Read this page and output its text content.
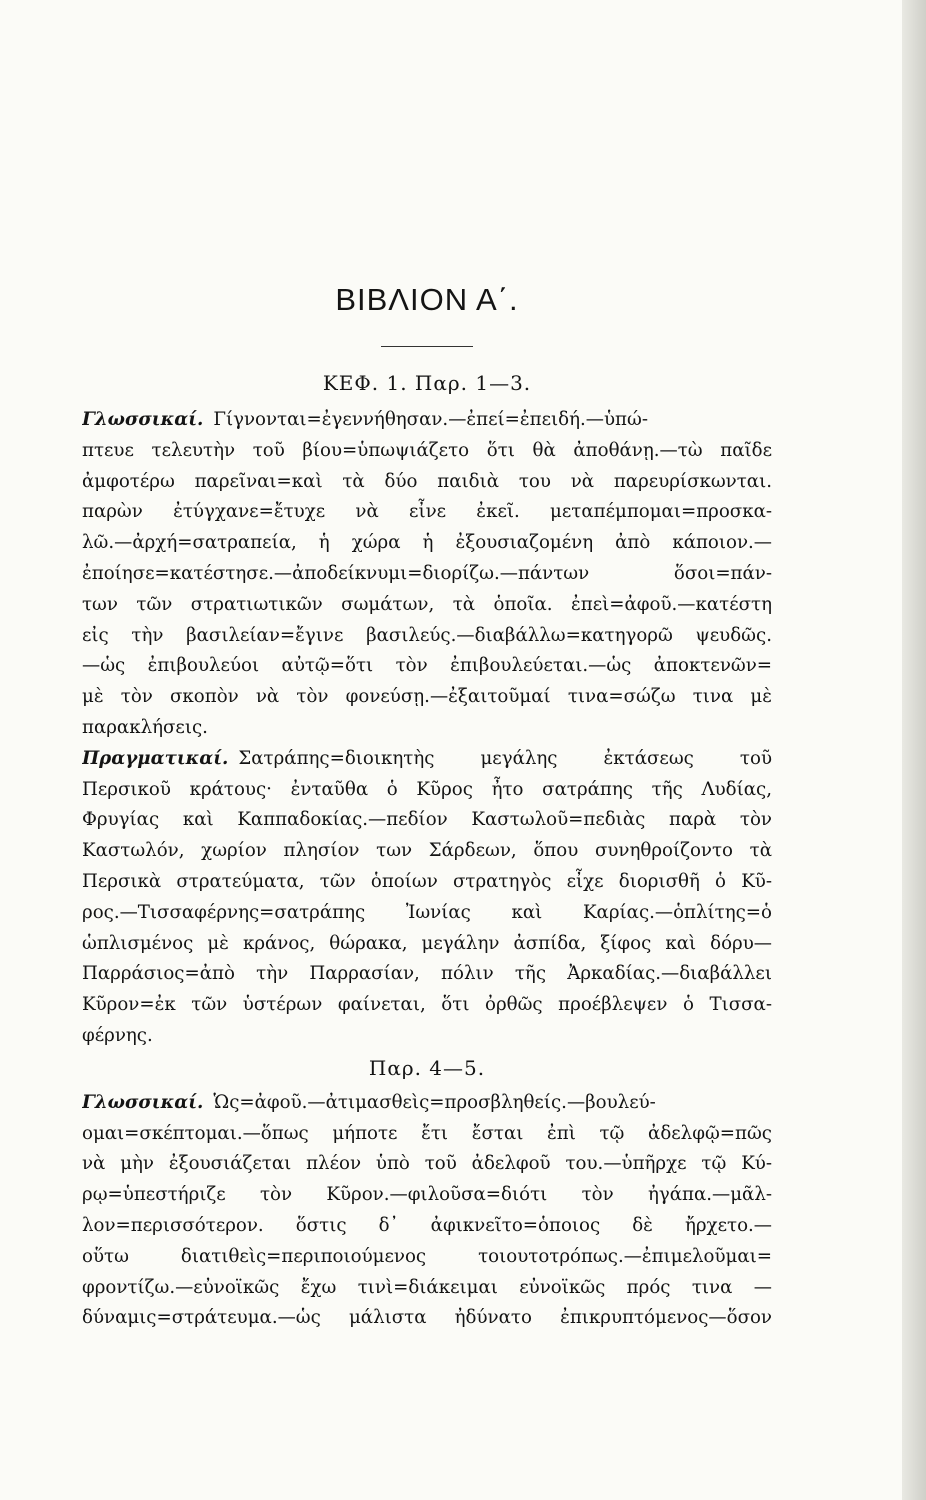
ΒΙΒΛΙΟΝ Α΄.
ΚΕΦ. 1. Παρ. 1—3.

Γλωσσικαί. Γίγνονται=ἐγεννήθησαν.—ἐπεί=ἐπειδή.—ὑπώ-
πτευε τελευτὴν τοῦ βίου=ὑπωψιάζετο ὅτι θὰ ἀποθάνῃ.—τὼ παῖδε
ἀμφοτέρω παρεῖναι=καὶ τὰ δύο παιδιὰ του νὰ παρευρίσκωνται.
παρὼν ἐτύγχανε=ἔτυχε νὰ εἶνε ἐκεῖ. μεταπέμπομαι=προσκα-
λῶ.—ἀρχή=σατραπεία, ἡ χώρα ἡ ἐξουσιαζομένη ἀπὸ κάποιον.—
ἐποίησε=κατέστησε.—ἀποδείκνυμι=διορίζω.—πάντων ὅσοι=πάν-
των τῶν στρατιωτικῶν σωμάτων, τὰ ὁποῖα. ἐπεὶ=ἀφοῦ.—κατέστη
εἰς τὴν βασιλείαν=ἔγινε βασιλεύς.—διαβάλλω=κατηγορῶ ψευδῶς.
—ὡς ἐπιβουλεύοι αὐτῷ=ὅτι τὸν ἐπιβουλεύεται.—ὡς ἀποκτενῶν=
μὲ τὸν σκοπὸν νὰ τὸν φονεύσῃ.—ἐξαιτοῦμαί τινα=σώζω τινα μὲ
παρακλήσεις.

Πραγματικαί. Σατράπης=διοικητὴς μεγάλης ἐκτάσεως τοῦ
Περσικοῦ κράτους· ἐνταῦθα ὁ Κῦρος ἦτο σατράπης τῆς Λυδίας,
Φρυγίας καὶ Καππαδοκίας.—πεδίον Καστωλοῦ=πεδιὰς παρὰ τὸν
Καστωλόν, χωρίον πλησίον των Σάρδεων, ὅπου συνηθροίζοντο τὰ
Περσικὰ στρατεύματα, τῶν ὁποίων στρατηγὸς εἶχε διορισθῆ ὁ Κῦ-
ρος.—Τισσαφέρνης=σατράπης Ἰωνίας καὶ Καρίας.—ὁπλίτης=ὁ
ὡπλισμένος μὲ κράνος, θώρακα, μεγάλην ἀσπίδα, ξίφος καὶ δόρυ—
Παρράσιος=ἀπὸ τὴν Παρρασίαν, πόλιν τῆς Ἀρκαδίας.—διαβάλλει
Κῦρον=ἐκ τῶν ὑστέρων φαίνεται, ὅτι ὀρθῶς προέβλεψεν ὁ Τισσα-
φέρνης.

Παρ. 4—5.

Γλωσσικαί. Ὡς=ἀφοῦ.—ἀτιμασθεὶς=προσβληθείς.—βουλεύ-
ομαι=σκέπτομαι.—ὅπως μήποτε ἔτι ἔσται ἐπὶ τῷ ἀδελφῷ=πῶς
νὰ μὴν ἐξουσιάζεται πλέον ὑπὸ τοῦ ἀδελφοῦ του.—ὑπῆρχε τῷ Κύ-
ρῳ=ὑπεστήριζε τὸν Κῦρον.—φιλοῦσα=διότι τὸν ἠγάπα.—μᾶλ-
λον=περισσότερον. ὅστις δ᾽ ἀφικνεῖτο=ὁποιος δὲ ἤρχετο.—
οὕτω διατιθεὶς=περιποιούμενος τοιουτοτρόπως.—ἐπιμελοῦμαι=
φροντίζω.—εὐνοϊκῶς ἔχω τινὶ=διάκειμαι εὐνοϊκῶς πρός τινα —
δύναμις=στράτευμα.—ὡς μάλιστα ἠδύνατο ἐπικρυπτόμενος—ὅσον
